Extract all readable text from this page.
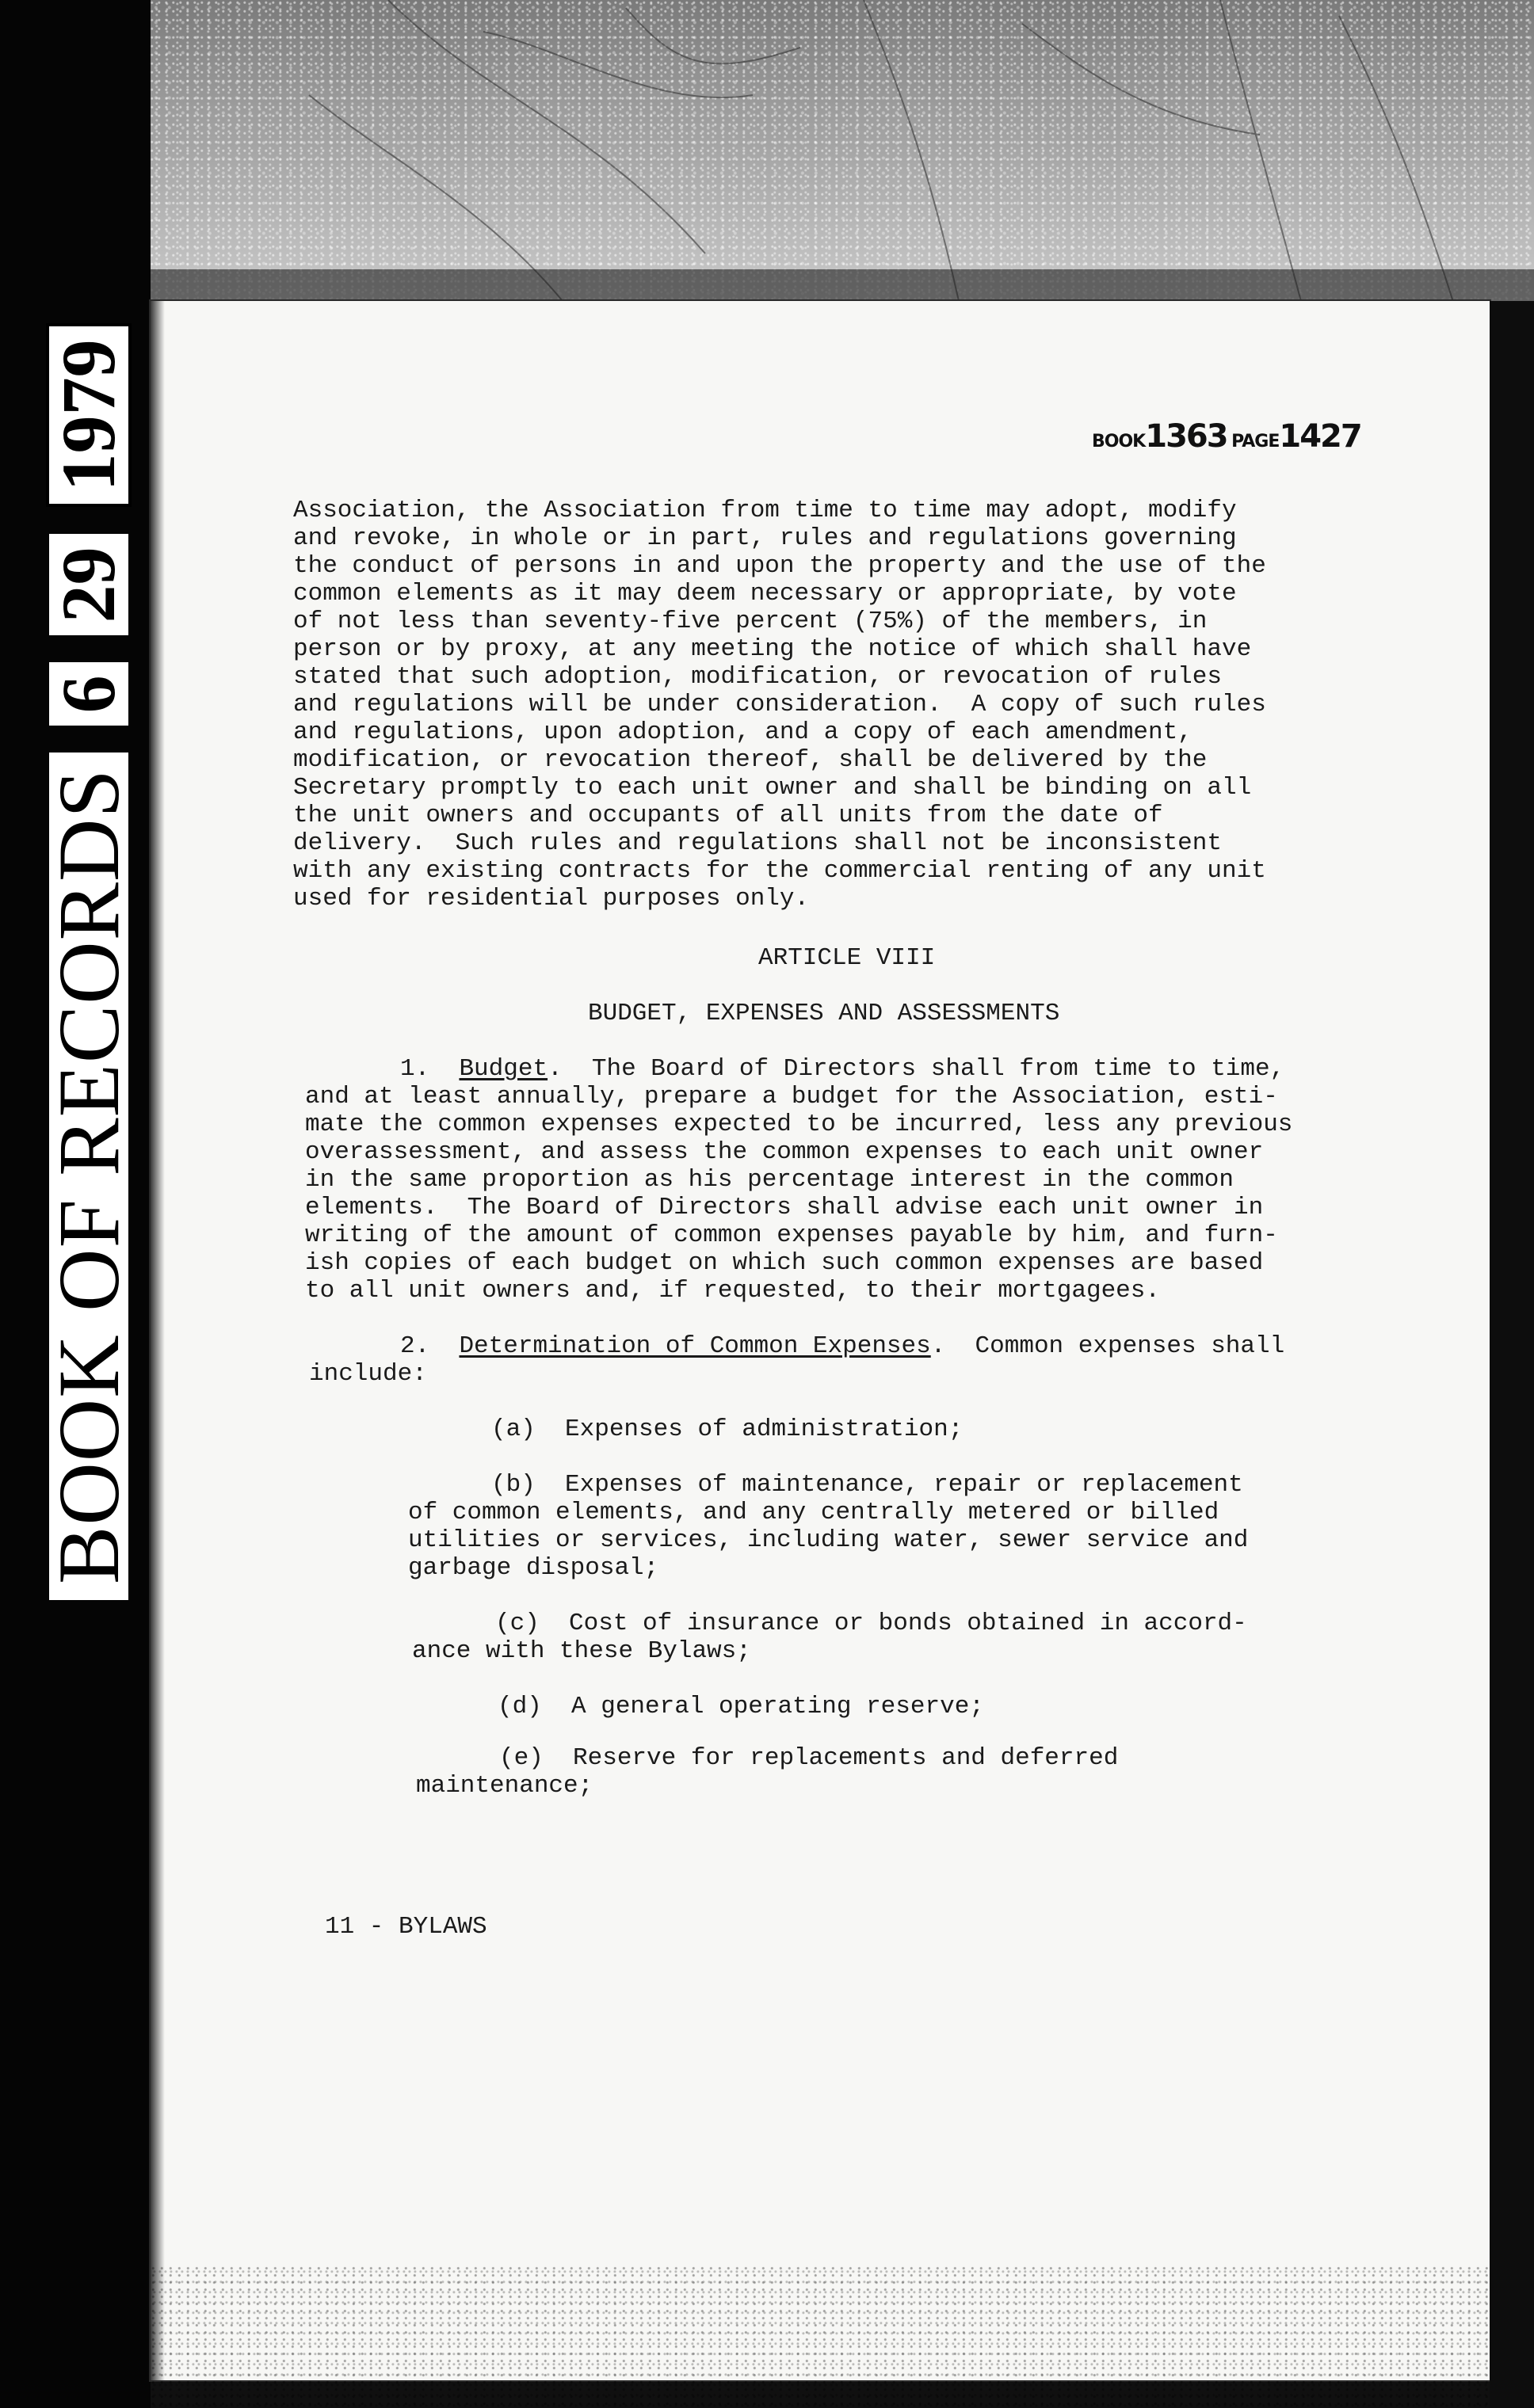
BOOK OF RECORDS
6
29
1979	BOOK1363 PAGE1427

Association, the Association from time to time may adopt, modify

and revoke, in whole or in part, rules and regulations governing

the conduct of persons in and upon the property and the use of the

common elements as it may deem necessary or appropriate, by vote

of not less than seventy-five percent (75%) of the members, in

person or by proxy, at any meeting the notice of which shall have

stated that such adoption, modification, or revocation of rules

and regulations will be under consideration.  A copy of such rules

and regulations, upon adoption, and a copy of each amendment,

modification, or revocation thereof, shall be delivered by the

Secretary promptly to each unit owner and shall be binding on all

the unit owners and occupants of all units from the date of

delivery.  Such rules and regulations shall not be inconsistent

with any existing contracts for the commercial renting of any unit

used for residential purposes only.

ARTICLE VIII

BUDGET, EXPENSES AND ASSESSMENTS

1. Budget.  The Board of Directors shall from time to time,

and at least annually, prepare a budget for the Association, esti-

mate the common expenses expected to be incurred, less any previous

overassessment, and assess the common expenses to each unit owner

in the same proportion as his percentage interest in the common

elements.  The Board of Directors shall advise each unit owner in

writing of the amount of common expenses payable by him, and furn-

ish copies of each budget on which such common expenses are based

to all unit owners and, if requested, to their mortgagees.

2. Determination of Common Expenses.  Common expenses shall

include:

(a)  Expenses of administration;

(b)  Expenses of maintenance, repair or replacement

of common elements, and any centrally metered or billed

utilities or services, including water, sewer service and

garbage disposal;

(c)  Cost of insurance or bonds obtained in accord-

ance with these Bylaws;

(d)  A general operating reserve;

(e)  Reserve for replacements and deferred

maintenance;

11 - BYLAWS
